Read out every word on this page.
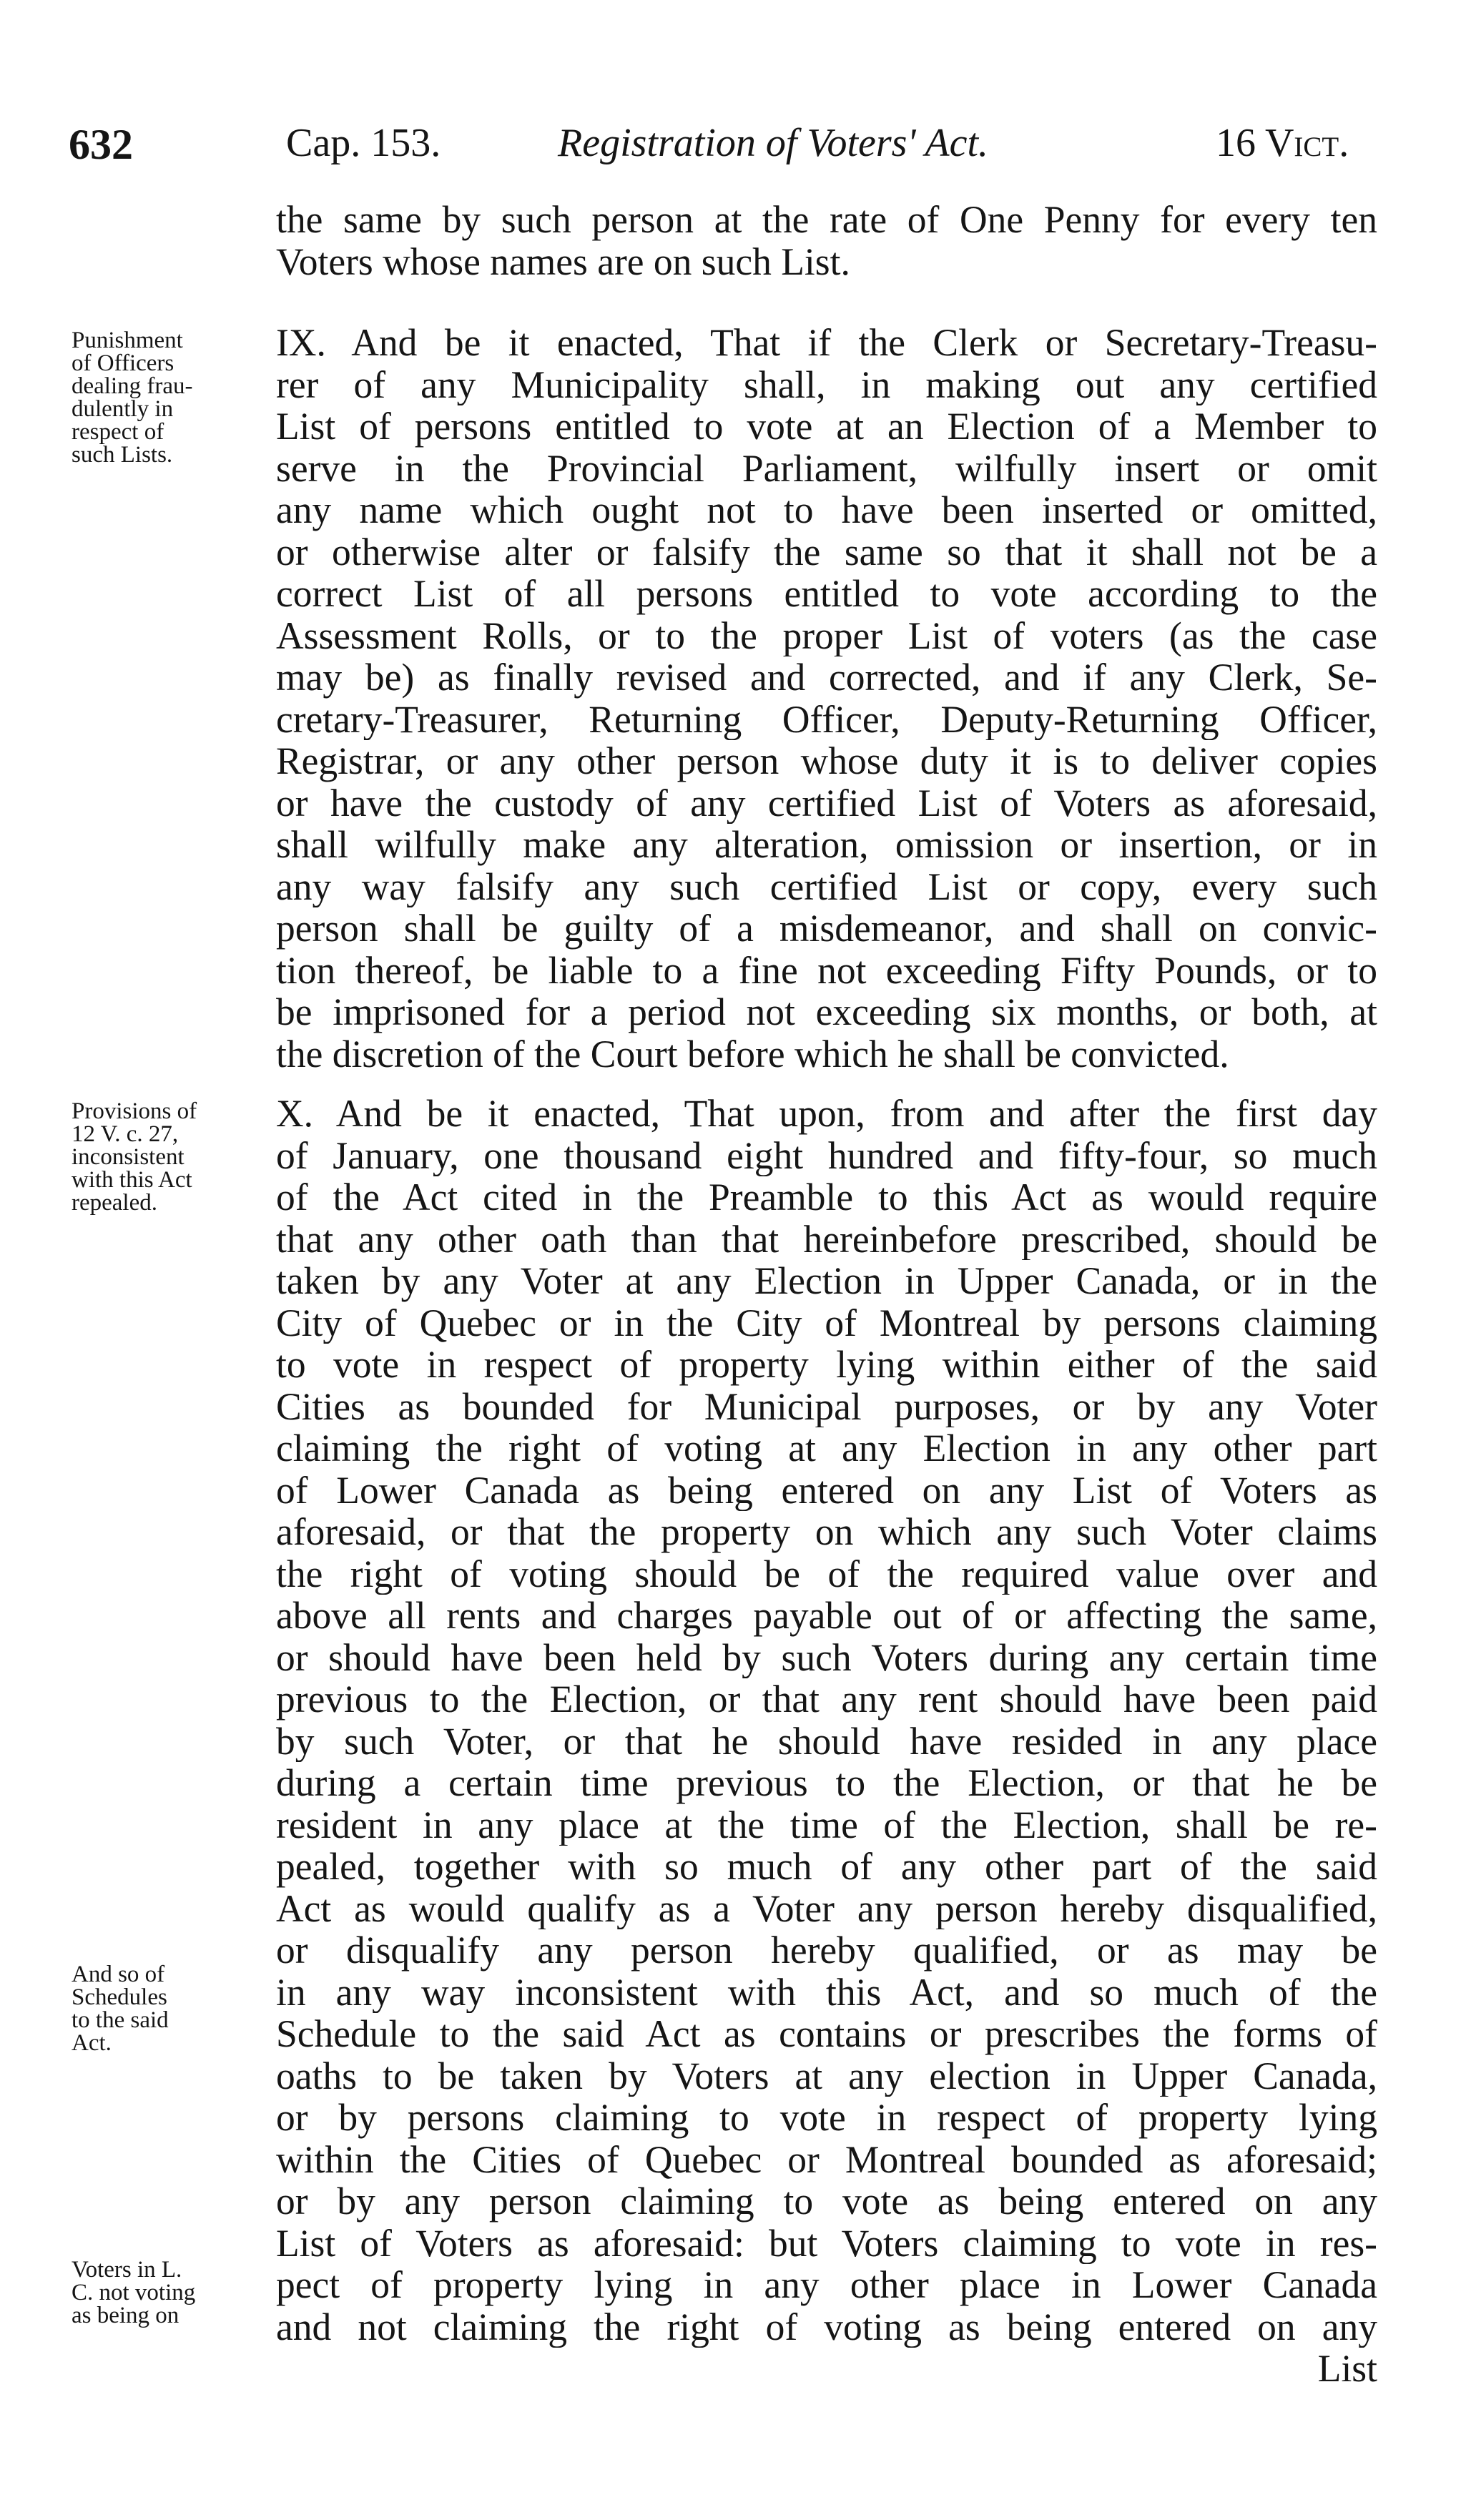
632	Cap. 153.	Registration of Voters' Act.	16 Vict.
the same by such person at the rate of One Penny for every ten
Voters whose names are on such List.
IX. And be it enacted, That if the Clerk or Secretary-Treasu-
rer of any Municipality shall, in making out any certified
List of persons entitled to vote at an Election of a Member to
serve in the Provincial Parliament, wilfully insert or omit
any name which ought not to have been inserted or omitted,
or otherwise alter or falsify the same so that it shall not be a
correct List of all persons entitled to vote according to the
Assessment Rolls, or to the proper List of voters (as the case
may be) as finally revised and corrected, and if any Clerk, Se-
cretary-Treasurer, Returning Officer, Deputy-Returning Officer,
Registrar, or any other person whose duty it is to deliver copies
or have the custody of any certified List of Voters as aforesaid,
shall wilfully make any alteration, omission or insertion, or in
any way falsify any such certified List or copy, every such
person shall be guilty of a misdemeanor, and shall on convic-
tion thereof, be liable to a fine not exceeding Fifty Pounds, or to
be imprisoned for a period not exceeding six months, or both, at
the discretion of the Court before which he shall be convicted.
X. And be it enacted, That upon, from and after the first day
of January, one thousand eight hundred and fifty-four, so much
of the Act cited in the Preamble to this Act as would require
that any other oath than that hereinbefore prescribed, should be
taken by any Voter at any Election in Upper Canada, or in the
City of Quebec or in the City of Montreal by persons claiming
to vote in respect of property lying within either of the said
Cities as bounded for Municipal purposes, or by any Voter
claiming the right of voting at any Election in any other part
of Lower Canada as being entered on any List of Voters as
aforesaid, or that the property on which any such Voter claims
the right of voting should be of the required value over and
above all rents and charges payable out of or affecting the same,
or should have been held by such Voters during any certain time
previous to the Election, or that any rent should have been paid
by such Voter, or that he should have resided in any place
during a certain time previous to the Election, or that he be
resident in any place at the time of the Election, shall be re-
pealed, together with so much of any other part of the said
Act as would qualify as a Voter any person hereby disqualified,
or disqualify any person hereby qualified, or as may be
in any way inconsistent with this Act, and so much of the
Schedule to the said Act as contains or prescribes the forms of
oaths to be taken by Voters at any election in Upper Canada,
or by persons claiming to vote in respect of property lying
within the Cities of Quebec or Montreal bounded as aforesaid;
or by any person claiming to vote as being entered on any
List of Voters as aforesaid: but Voters claiming to vote in res-
pect of property lying in any other place in Lower Canada
and not claiming the right of voting as being entered on any
List
Punishment
of Officers
dealing frau-
dulently in
respect of
such Lists.
Provisions of
12 V. c. 27,
inconsistent
with this Act
repealed.
And so of
Schedules
to the said
Act.
Voters in L.
C. not voting
as being on
